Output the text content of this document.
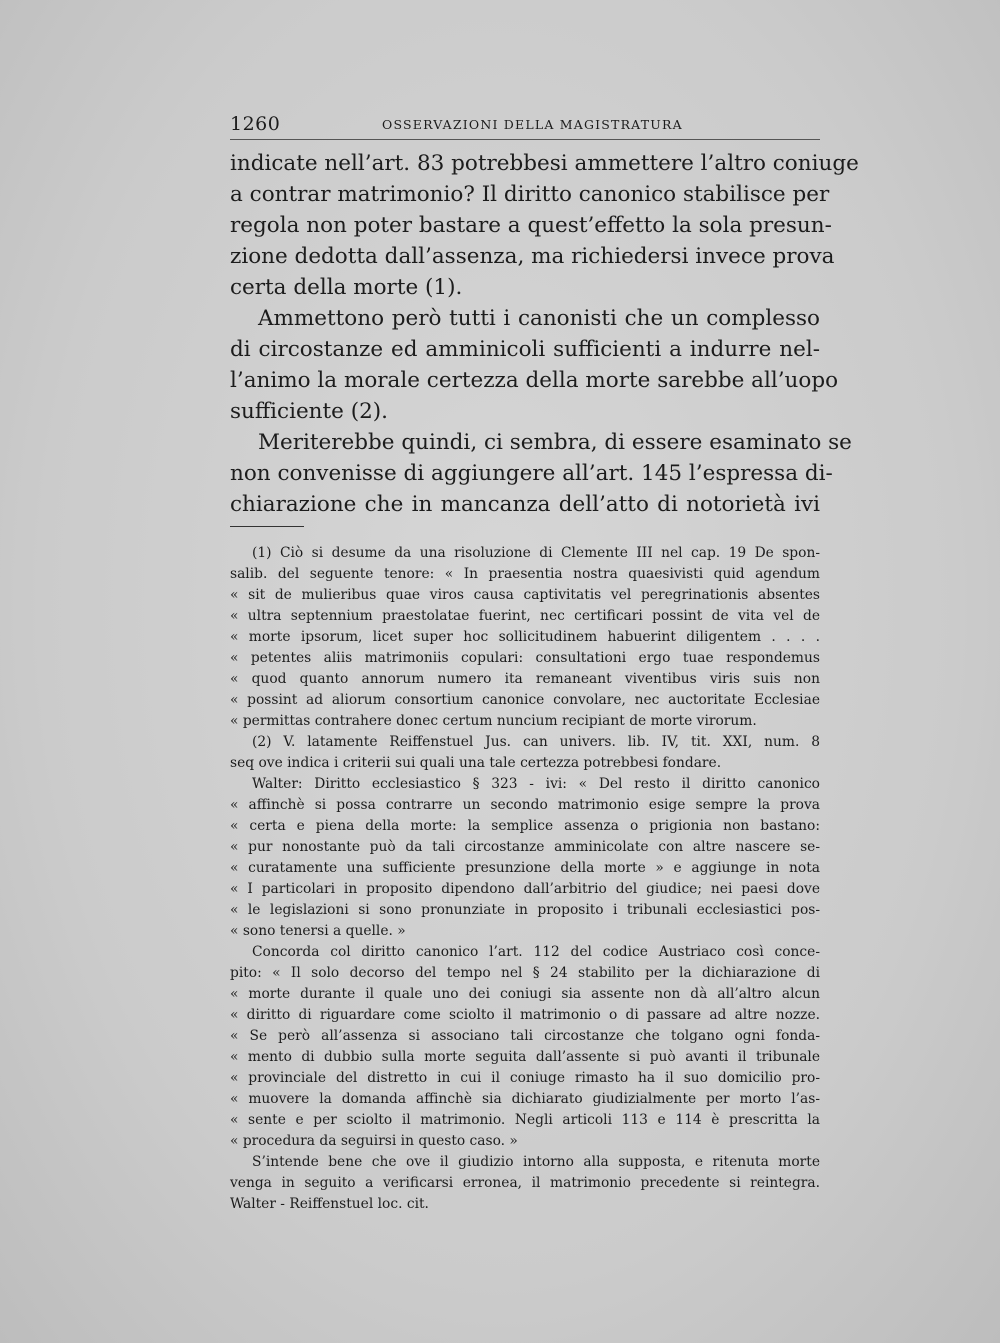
1260	OSSERVAZIONI DELLA MAGISTRATURA
indicate nell’art. 83 potrebbesi ammettere l’altro coniuge
a contrar matrimonio? Il diritto canonico stabilisce per
regola non poter bastare a quest’effetto la sola presun-
zione dedotta dall’assenza, ma richiedersi invece prova
certa della morte (1).
Ammettono però tutti i canonisti che un complesso
di circostanze ed amminicoli sufficienti a indurre nel-
l’animo la morale certezza della morte sarebbe all’uopo
sufficiente (2).
Meriterebbe quindi, ci sembra, di essere esaminato se
non convenisse di aggiungere all’art. 145 l’espressa di-
chiarazione che in mancanza dell’atto di notorietà ivi
(1) Ciò si desume da una risoluzione di Clemente III nel cap. 19 De spon-
salib. del seguente tenore: « In praesentia nostra quaesivisti quid agendum
« sit de mulieribus quae viros causa captivitatis vel peregrinationis absentes
« ultra septennium praestolatae fuerint, nec certificari possint de vita vel de
« morte ipsorum, licet super hoc sollicitudinem habuerint diligentem . . . .
« petentes aliis matrimoniis copulari: consultationi ergo tuae respondemus
« quod quanto annorum numero ita remaneant viventibus viris suis non
« possint ad aliorum consortium canonice convolare, nec auctoritate Ecclesiae
« permittas contrahere donec certum nuncium recipiant de morte virorum.
(2) V. latamente Reiffenstuel Jus. can univers. lib. IV, tit. XXI, num. 8
seq ove indica i criterii sui quali una tale certezza potrebbesi fondare.
Walter: Diritto ecclesiastico § 323 - ivi: « Del resto il diritto canonico
« affinchè si possa contrarre un secondo matrimonio esige sempre la prova
« certa e piena della morte: la semplice assenza o prigionia non bastano:
« pur nonostante può da tali circostanze amminicolate con altre nascere se-
« curatamente una sufficiente presunzione della morte » e aggiunge in nota
« I particolari in proposito dipendono dall’arbitrio del giudice; nei paesi dove
« le legislazioni si sono pronunziate in proposito i tribunali ecclesiastici pos-
« sono tenersi a quelle. »
Concorda col diritto canonico l’art. 112 del codice Austriaco così conce-
pito: « Il solo decorso del tempo nel § 24 stabilito per la dichiarazione di
« morte durante il quale uno dei coniugi sia assente non dà all’altro alcun
« diritto di riguardare come sciolto il matrimonio o di passare ad altre nozze.
« Se però all’assenza si associano tali circostanze che tolgano ogni fonda-
« mento di dubbio sulla morte seguita dall’assente si può avanti il tribunale
« provinciale del distretto in cui il coniuge rimasto ha il suo domicilio pro-
« muovere la domanda affinchè sia dichiarato giudizialmente per morto l’as-
« sente e per sciolto il matrimonio. Negli articoli 113 e 114 è prescritta la
« procedura da seguirsi in questo caso. »
S’intende bene che ove il giudizio intorno alla supposta, e ritenuta morte
venga in seguito a verificarsi erronea, il matrimonio precedente si reintegra.
Walter - Reiffenstuel loc. cit.
